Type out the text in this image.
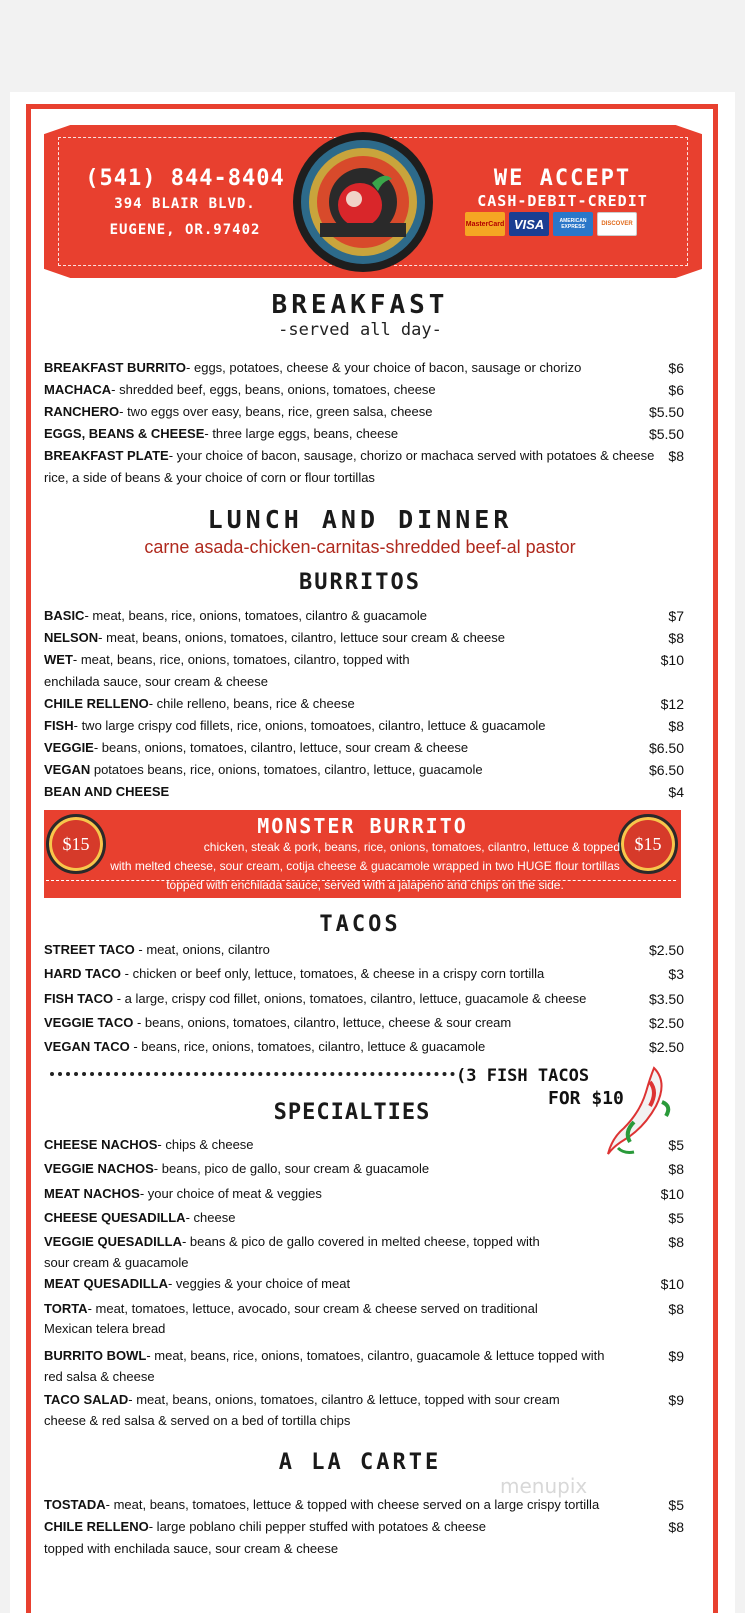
(541) 844-8404
394 BLAIR BLVD.
EUGENE, OR.97402
WE ACCEPT
CASH-DEBIT-CREDIT
MasterCard VISA	AMERICAN EXPRESS	DISCOVER
BREAKFAST
-served all day-
BREAKFAST BURRITO- eggs, potatoes, cheese & your choice of bacon, sausage or chorizo	$6
MACHACA- shredded beef, eggs, beans, onions, tomatoes, cheese	$6
RANCHERO- two eggs over easy, beans, rice, green salsa, cheese	$5.50
EGGS, BEANS & CHEESE- three large eggs, beans, cheese	$5.50
BREAKFAST PLATE- your choice of bacon, sausage, chorizo or machaca served with potatoes & cheese $8
rice, a side of beans & your choice of corn or flour tortillas
LUNCH AND DINNER
carne asada-chicken-carnitas-shredded beef-al pastor
BURRITOS
BASIC- meat, beans, rice, onions, tomatoes, cilantro & guacamole	$7
NELSON- meat, beans, onions, tomatoes, cilantro, lettuce sour cream & cheese	$8
WET- meat, beans, rice, onions, tomatoes, cilantro, topped with	$10
enchilada sauce, sour cream & cheese
CHILE RELLENO- chile relleno, beans, rice & cheese	$12
FISH- two large crispy cod fillets, rice, onions, tomoatoes, cilantro, lettuce & guacamole	$8
VEGGIE- beans, onions, tomatoes, cilantro, lettuce, sour cream & cheese	$6.50
VEGAN potatoes beans, rice, onions, tomatoes, cilantro, lettuce, guacamole	$6.50
BEAN AND CHEESE	$4
$15	$15
MONSTER BURRITO
chicken, steak & pork, beans, rice, onions, tomatoes, cilantro, lettuce & topped
with melted cheese, sour cream, cotija cheese & guacamole wrapped in two HUGE flour tortillas
topped with enchilada sauce, served with a jalapeno and chips on the side.
TACOS
STREET TACO - meat, onions, cilantro	$2.50
HARD TACO - chicken or beef only, lettuce, tomatoes, & cheese in a crispy corn tortilla	$3
FISH TACO - a large, crispy cod fillet, onions, tomatoes, cilantro, lettuce, guacamole & cheese	$3.50
VEGGIE TACO - beans, onions, tomatoes, cilantro, lettuce, cheese & sour cream	$2.50
VEGAN TACO - beans, rice, onions, tomatoes, cilantro, lettuce & guacamole	$2.50
(3 FISH TACOS
FOR $10
SPECIALTIES
CHEESE NACHOS- chips & cheese	$5
VEGGIE NACHOS- beans, pico de gallo, sour cream & guacamole	$8
MEAT NACHOS- your choice of meat & veggies	$10
CHEESE QUESADILLA- cheese	$5
VEGGIE QUESADILLA- beans & pico de gallo covered in melted cheese, topped with	$8
sour cream & guacamole
MEAT QUESADILLA- veggies & your choice of meat	$10
TORTA- meat, tomatoes, lettuce, avocado, sour cream & cheese served on traditional	$8
Mexican telera bread
BURRITO BOWL- meat, beans, rice, onions, tomatoes, cilantro, guacamole & lettuce topped with	$9
red salsa & cheese
TACO SALAD- meat, beans, onions, tomatoes, cilantro & lettuce, topped with sour cream	$9
cheese & red salsa & served on a bed of tortilla chips
A LA CARTE
menupix
TOSTADA- meat, beans, tomatoes, lettuce & topped with cheese served on a large crispy tortilla	$5
CHILE RELLENO- large poblano chili pepper stuffed with potatoes & cheese	$8
topped with enchilada sauce, sour cream & cheese
